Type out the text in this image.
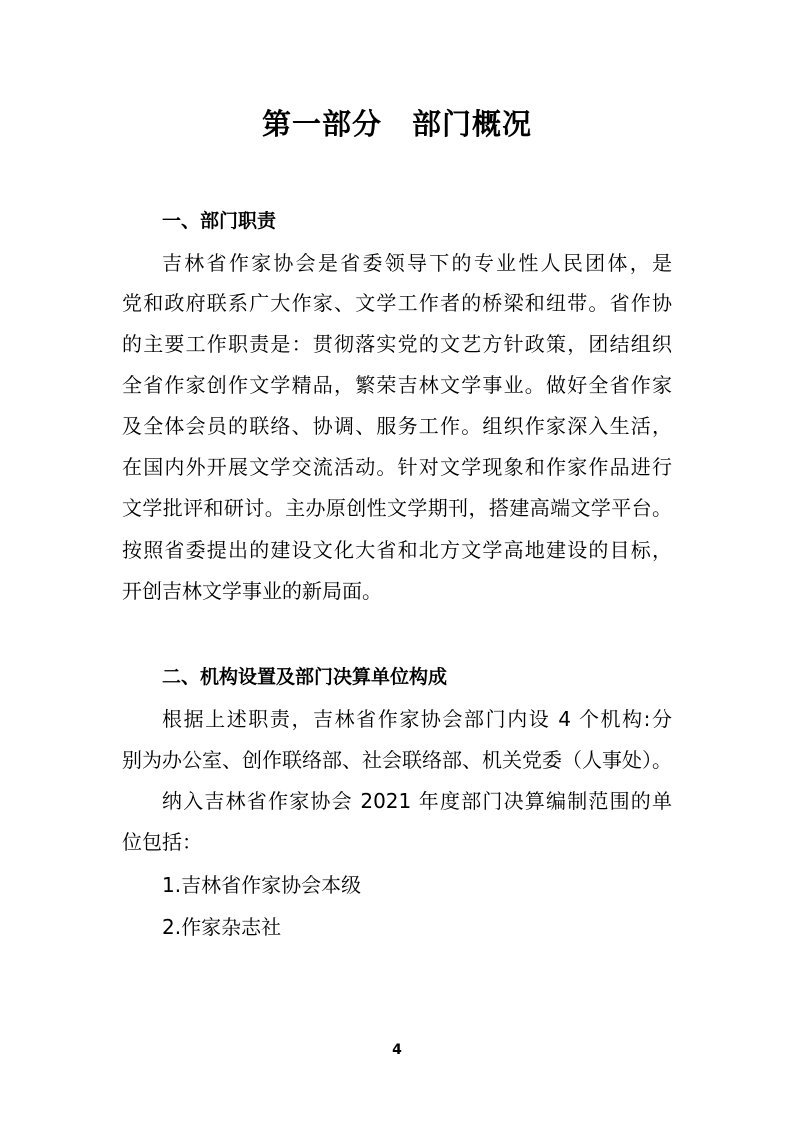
第一部分　部门概况
一、部门职责
吉林省作家协会是省委领导下的专业性人民团体，是
党和政府联系广大作家、文学工作者的桥梁和纽带。省作协
的主要工作职责是：贯彻落实党的文艺方针政策，团结组织
全省作家创作文学精品，繁荣吉林文学事业。做好全省作家
及全体会员的联络、协调、服务工作。组织作家深入生活，
在国内外开展文学交流活动。针对文学现象和作家作品进行
文学批评和研讨。主办原创性文学期刊，搭建高端文学平台。
按照省委提出的建设文化大省和北方文学高地建设的目标，
开创吉林文学事业的新局面。
二、机构设置及部门决算单位构成
根据上述职责，吉林省作家协会部门内设 4 个机构:分
别为办公室、创作联络部、社会联络部、机关党委（人事处）。
纳入吉林省作家协会 2021 年度部门决算编制范围的单
位包括：
1.吉林省作家协会本级
2.作家杂志社
4
